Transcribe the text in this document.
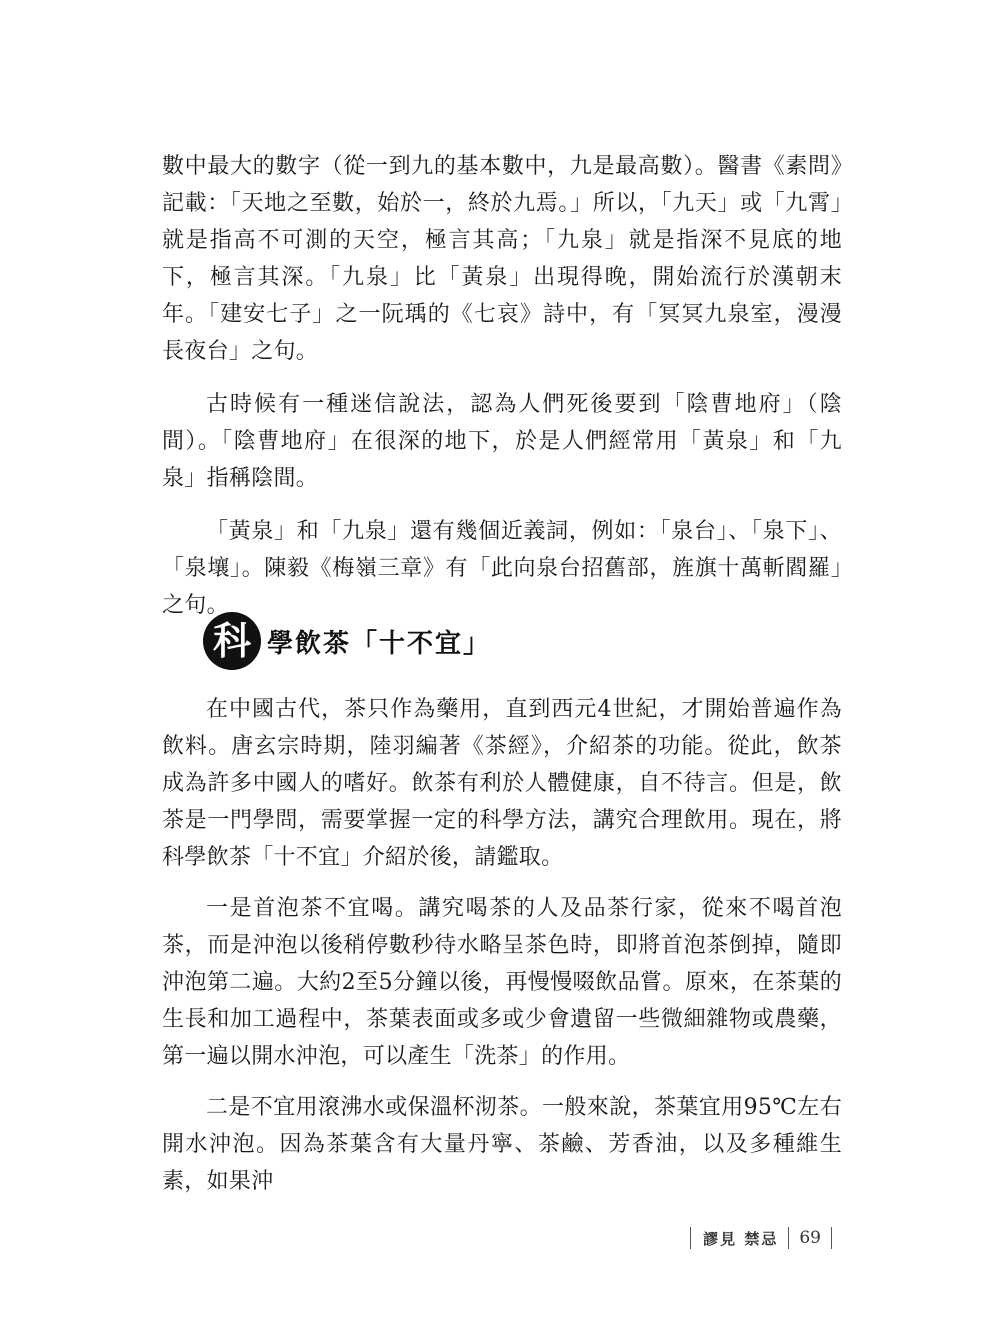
數中最大的數字（從一到九的基本數中，九是最高數）。醫書《素問》記載：「天地之至數，始於一，終於九焉。」所以，「九天」或「九霄」就是指高不可測的天空，極言其高；「九泉」就是指深不見底的地下，極言其深。「九泉」比「黃泉」出現得晚，開始流行於漢朝末年。「建安七子」之一阮瑀的《七哀》詩中，有「冥冥九泉室，漫漫長夜台」之句。

古時候有一種迷信說法，認為人們死後要到「陰曹地府」（陰間）。「陰曹地府」在很深的地下，於是人們經常用「黃泉」和「九泉」指稱陰間。

「黃泉」和「九泉」還有幾個近義詞，例如：「泉台」、「泉下」、「泉壤」。陳毅《梅嶺三章》有「此向泉台招舊部，旌旗十萬斬閻羅」之句。

科 學飲茶「十不宜」

在中國古代，茶只作為藥用，直到西元4世紀，才開始普遍作為飲料。唐玄宗時期，陸羽編著《茶經》，介紹茶的功能。從此，飲茶成為許多中國人的嗜好。飲茶有利於人體健康，自不待言。但是，飲茶是一門學問，需要掌握一定的科學方法，講究合理飲用。現在，將科學飲茶「十不宜」介紹於後，請鑑取。

一是首泡茶不宜喝。講究喝茶的人及品茶行家，從來不喝首泡茶，而是沖泡以後稍停數秒待水略呈茶色時，即將首泡茶倒掉，隨即沖泡第二遍。大約2至5分鐘以後，再慢慢啜飲品嘗。原來，在茶葉的生長和加工過程中，茶葉表面或多或少會遺留一些微細雜物或農藥，第一遍以開水沖泡，可以產生「洗茶」的作用。

二是不宜用滾沸水或保溫杯沏茶。一般來說，茶葉宜用95℃左右開水沖泡。因為茶葉含有大量丹寧、茶鹼、芳香油，以及多種維生素，如果沖

謬見 禁忌 69
